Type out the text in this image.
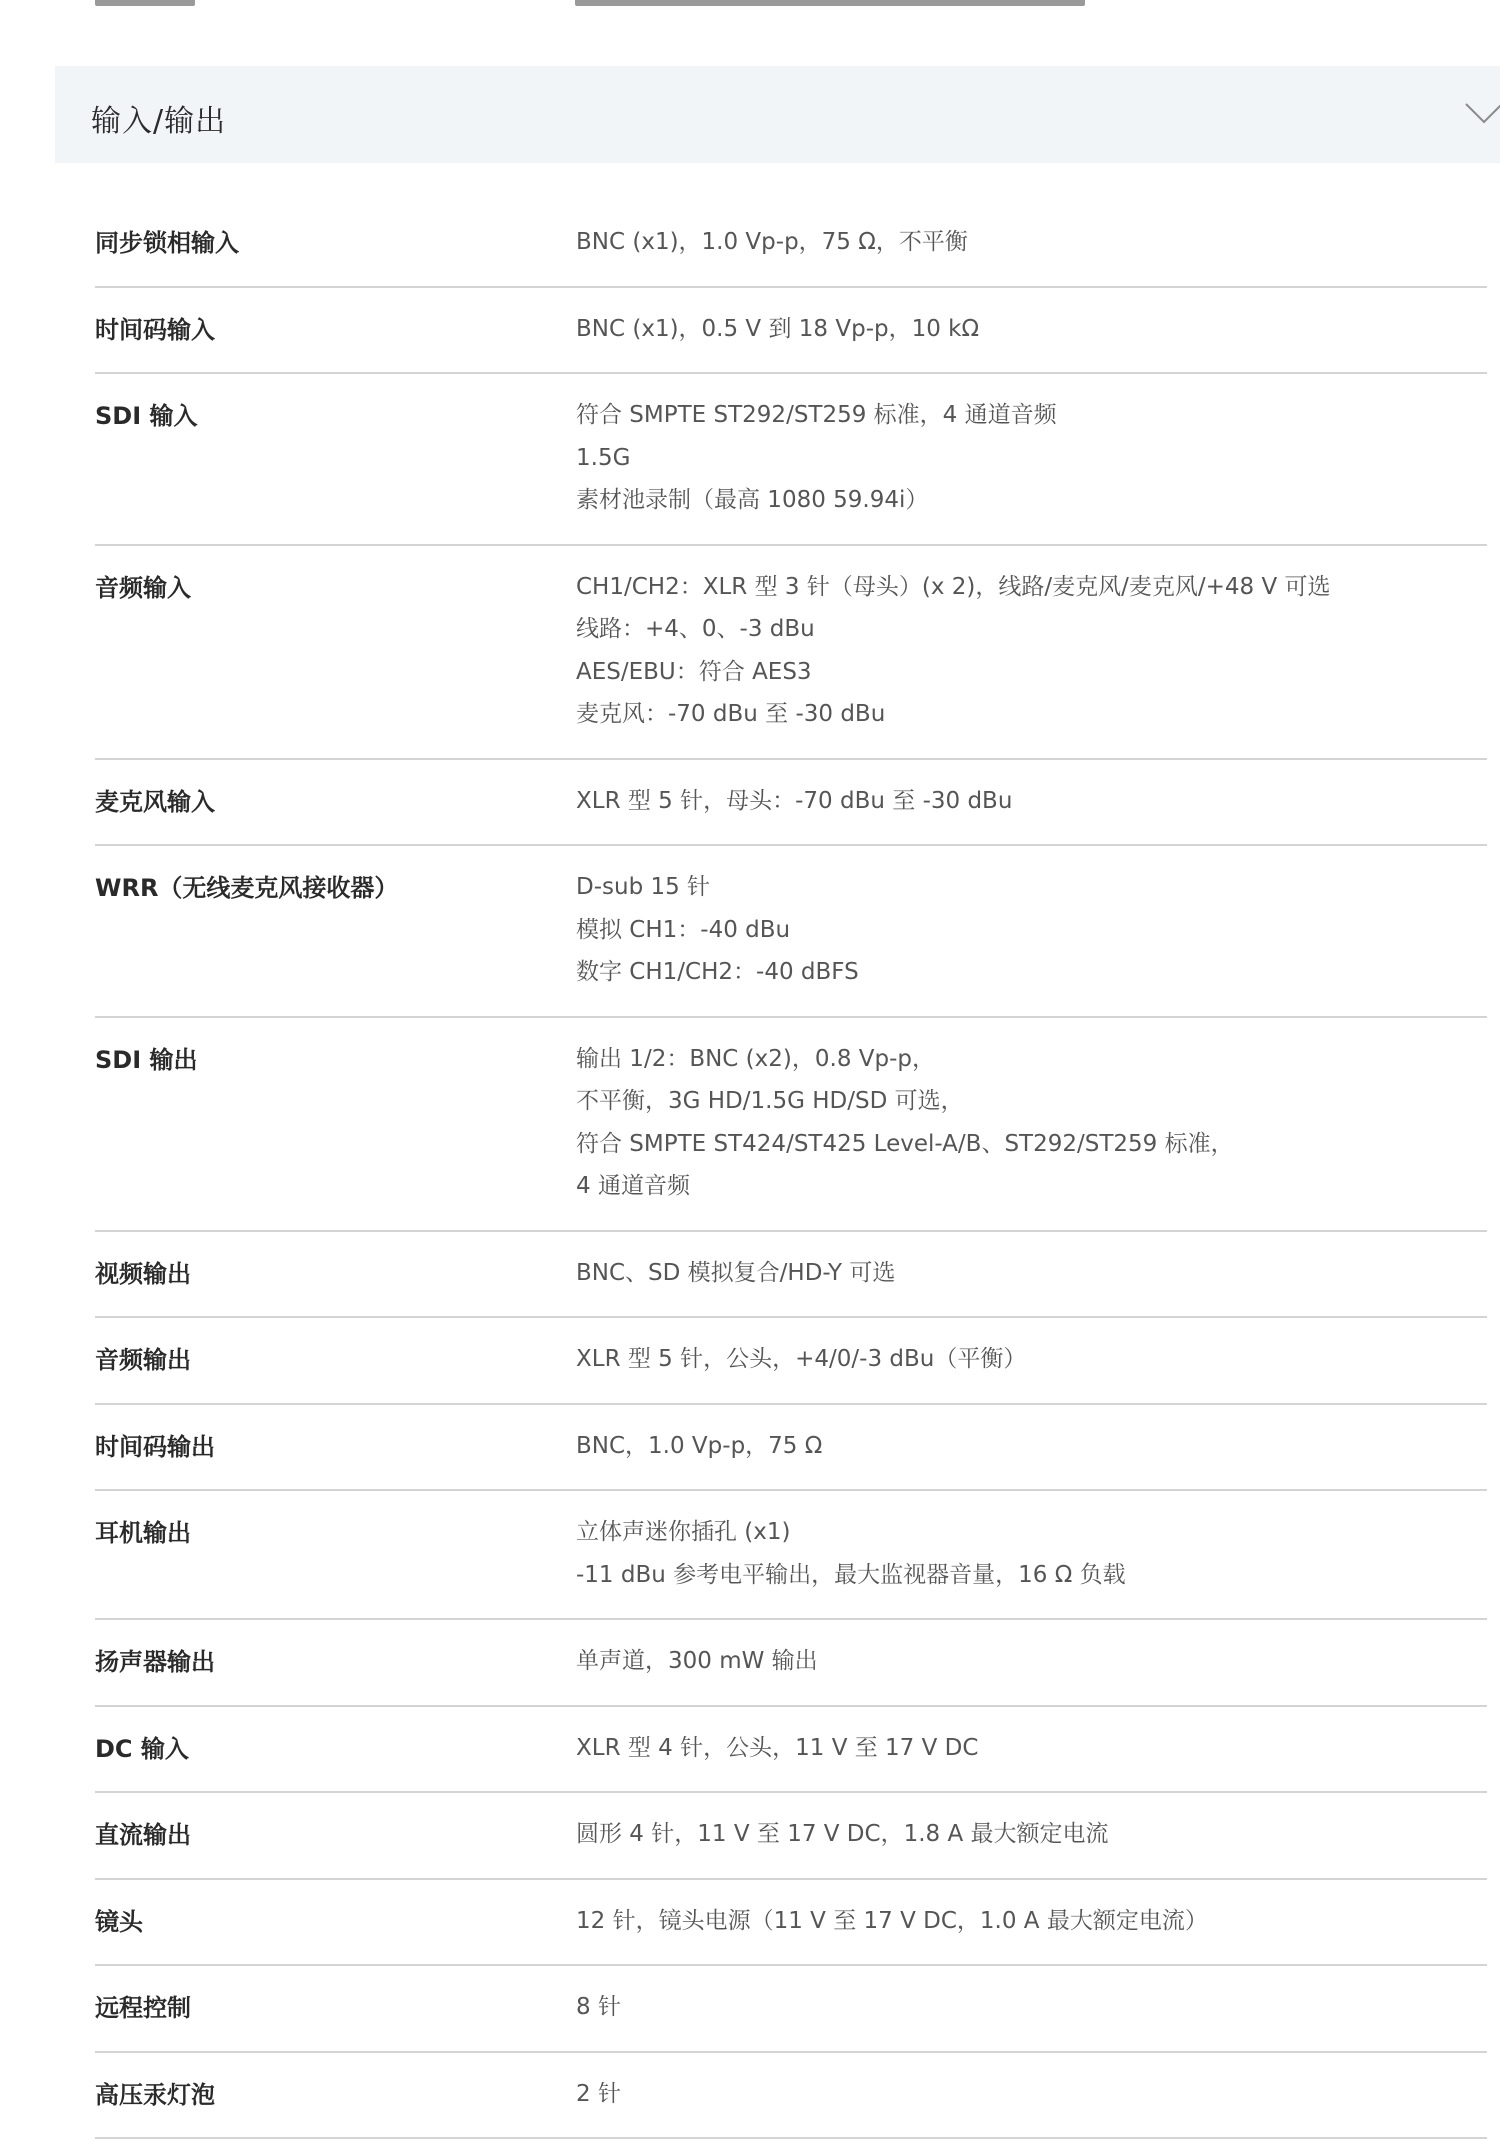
输入/输出
同步锁相输入	BNC (x1)，1.0 Vp-p，75 Ω，不平衡
时间码输入	BNC (x1)，0.5 V 到 18 Vp-p，10 kΩ
SDI 输入	符合 SMPTE ST292/ST259 标准，4 通道音频
1.5G
素材池录制（最高 1080 59.94i）
音频输入	CH1/CH2：XLR 型 3 针（母头）(x 2)，线路/麦克风/麦克风/+48 V 可选
线路：+4、0、-3 dBu
AES/EBU：符合 AES3
麦克风：-70 dBu 至 -30 dBu
麦克风输入	XLR 型 5 针，母头：-70 dBu 至 -30 dBu
WRR（无线麦克风接收器）	D-sub 15 针
模拟 CH1：-40 dBu
数字 CH1/CH2：-40 dBFS
SDI 输出	输出 1/2：BNC (x2)，0.8 Vp-p，
不平衡，3G HD/1.5G HD/SD 可选，
符合 SMPTE ST424/ST425 Level-A/B、ST292/ST259 标准，
4 通道音频
视频输出	BNC、SD 模拟复合/HD-Y 可选
音频输出	XLR 型 5 针，公头，+4/0/-3 dBu（平衡）
时间码输出	BNC，1.0 Vp-p，75 Ω
耳机输出	立体声迷你插孔 (x1)
-11 dBu 参考电平输出，最大监视器音量，16 Ω 负载
扬声器输出	单声道，300 mW 输出
DC 输入	XLR 型 4 针，公头，11 V 至 17 V DC
直流输出	圆形 4 针，11 V 至 17 V DC，1.8 A 最大额定电流
镜头	12 针，镜头电源（11 V 至 17 V DC，1.0 A 最大额定电流）
远程控制	8 针
高压汞灯泡	2 针
